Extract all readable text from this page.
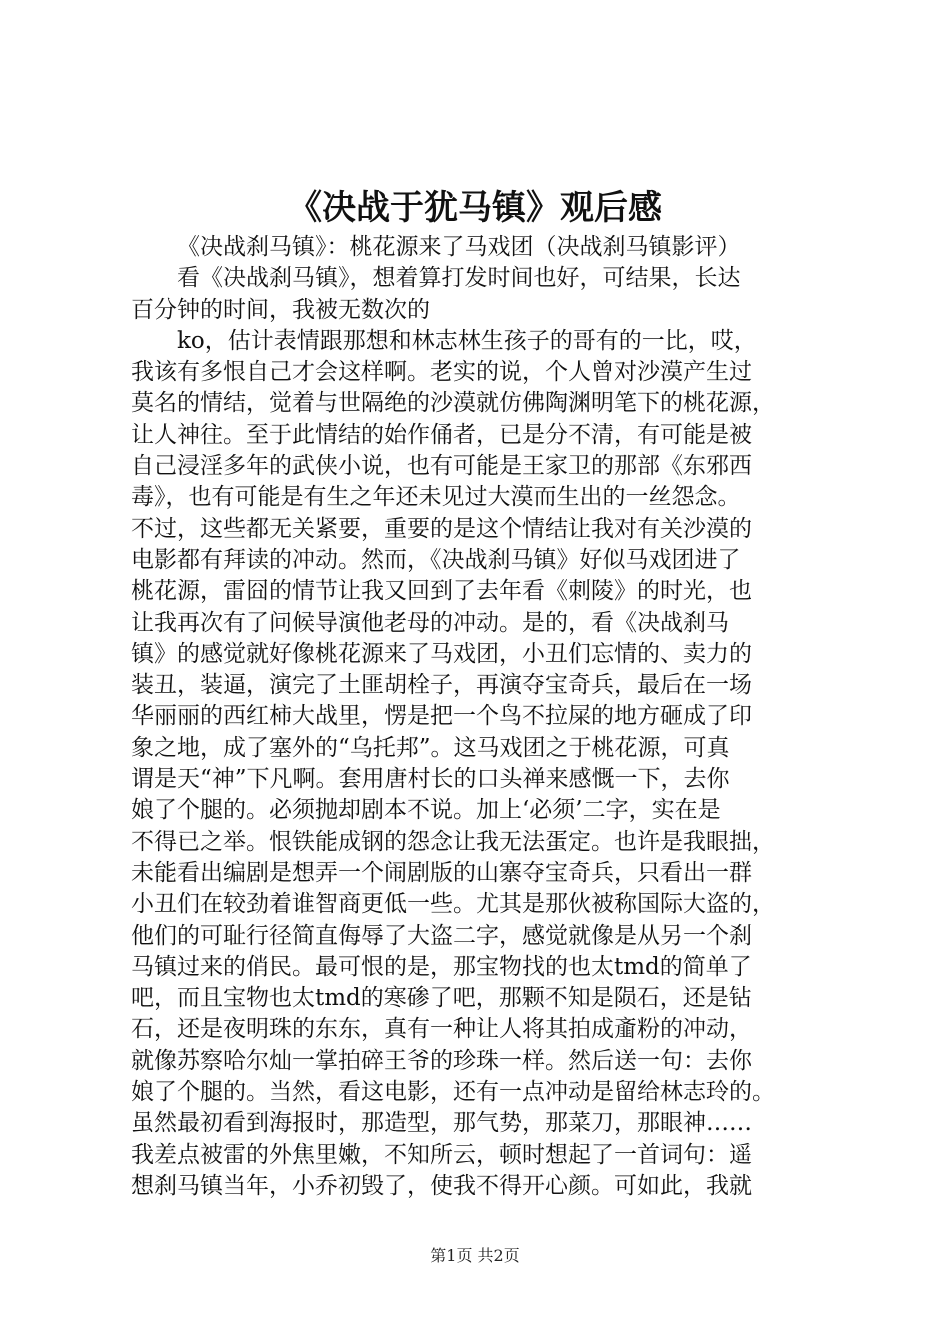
《决战于犹马镇》观后感
《决战刹马镇》：桃花源来了马戏团（决战刹马镇影评）
看《决战刹马镇》，想着算打发时间也好，可结果，长达
百分钟的时间，我被无数次的
ko，估计表情跟那想和林志林生孩子的哥有的一比，哎，
我该有多恨自己才会这样啊。老实的说，个人曾对沙漠产生过
莫名的情结，觉着与世隔绝的沙漠就仿佛陶渊明笔下的桃花源，
让人神往。至于此情结的始作俑者，已是分不清，有可能是被
自己浸淫多年的武侠小说，也有可能是王家卫的那部《东邪西
毒》，也有可能是有生之年还未见过大漠而生出的一丝怨念。
不过，这些都无关紧要，重要的是这个情结让我对有关沙漠的
电影都有拜读的冲动。然而，《决战刹马镇》好似马戏团进了
桃花源，雷囧的情节让我又回到了去年看《刺陵》的时光，也
让我再次有了问候导演他老母的冲动。是的，看《决战刹马
镇》的感觉就好像桃花源来了马戏团，小丑们忘情的、卖力的
装丑，装逼，演完了土匪胡栓子，再演夺宝奇兵，最后在一场
华丽丽的西红柿大战里，愣是把一个鸟不拉屎的地方砸成了印
象之地，成了塞外的“乌托邦”。这马戏团之于桃花源，可真
谓是天“神”下凡啊。套用唐村长的口头禅来感慨一下，去你
娘了个腿的。必须抛却剧本不说。加上‘必须’二字，实在是
不得已之举。恨铁能成钢的怨念让我无法蛋定。也许是我眼拙，
未能看出编剧是想弄一个闹剧版的山寨夺宝奇兵，只看出一群
小丑们在较劲着谁智商更低一些。尤其是那伙被称国际大盗的，
他们的可耻行径简直侮辱了大盗二字，感觉就像是从另一个刹
马镇过来的俏民。最可恨的是，那宝物找的也太tmd的简单了
吧，而且宝物也太tmd的寒碜了吧，那颗不知是陨石，还是钻
石，还是夜明珠的东东，真有一种让人将其拍成齑粉的冲动，
就像苏察哈尔灿一掌拍碎王爷的珍珠一样。然后送一句：去你
娘了个腿的。当然，看这电影，还有一点冲动是留给林志玲的。
虽然最初看到海报时，那造型，那气势，那菜刀，那眼神……
我差点被雷的外焦里嫩，不知所云，顿时想起了一首词句：遥
想刹马镇当年，小乔初毁了，使我不得开心颜。可如此，我就
第1页 共2页
